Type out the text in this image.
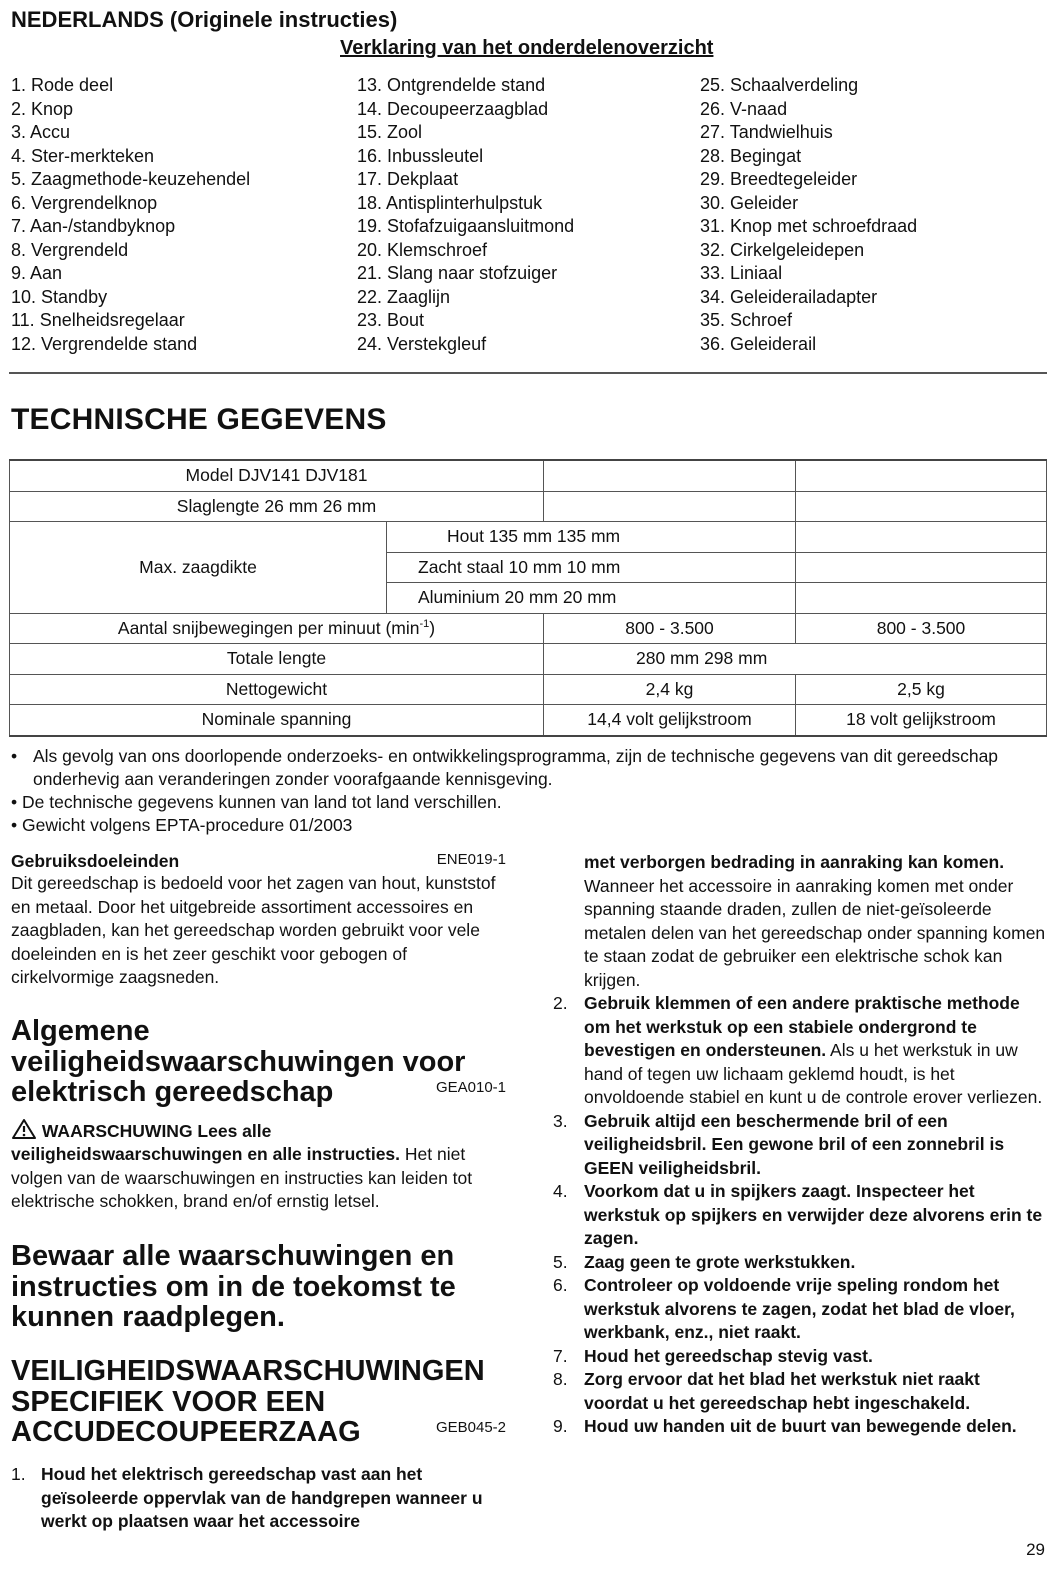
NEDERLANDS (Originele instructies)
Verklaring van het onderdelenoverzicht
1. Rode deel
2. Knop
3. Accu
4. Ster-merkteken
5. Zaagmethode-keuzehendel
6. Vergrendelknop
7. Aan-/standbyknop
8. Vergrendeld
9. Aan
10. Standby
11. Snelheidsregelaar
12. Vergrendelde stand
13. Ontgrendelde stand
14. Decoupeerzaagblad
15. Zool
16. Inbussleutel
17. Dekplaat
18. Antisplinterhulpstuk
19. Stofafzuigaansluitmond
20. Klemschroef
21. Slang naar stofzuiger
22. Zaaglijn
23. Bout
24. Verstekgleuf
25. Schaalverdeling
26. V-naad
27. Tandwielhuis
28. Begingat
29. Breedtegeleider
30. Geleider
31. Knop met schroefdraad
32. Cirkelgeleidepen
33. Liniaal
34. Geleiderailadapter
35. Schroef
36. Geleiderail
TECHNISCHE GEGEVENS
Model DJV141 DJV181			
Slaglengte 26 mm 26 mm			
Max. zaagdikte	Hout 135 mm 135 mm		
	Zacht staal 10 mm 10 mm		
	Aluminium 20 mm 20 mm		
Aantal snijbewegingen per minuut $(\min^{-1})$		800 - 3.500	800 - 3.500
Totale lengte		280 mm 298 mm	
Nettogewicht		2,4 kg	2,5 kg
Nominale spanning		14,4 volt gelijkstroom	18 volt gelijkstroom

• Als gevolg van ons doorlopende onderzoeks- en ontwikkelingsprogramma, zijn de technische gegevens van dit gereedschap onderhevig aan veranderingen zonder voorafgaande kennisgeving.

• De technische gegevens kunnen van land tot land verschillen.

• Gewicht volgens EPTA-procedure 01/2003

Gebruiksdoeleinden	ENE019-1
Dit gereedschap is bedoeld voor het zagen van hout, kunststof en metaal. Door het uitgebreide assortiment accessoires en zaagbladen, kan het gereedschap worden gebruikt voor vele doeleinden en is het zeer geschikt voor gebogen of cirkelvormige zaagsneden.
Algemene veiligheidswaarschuwingen voor elektrisch gereedschap	GEA010-1
WAARSCHUWING Lees alle veiligheidswaarschuwingen en alle instructies. Het niet volgen van de waarschuwingen en instructies kan leiden tot elektrische schokken, brand en/of ernstig letsel.
Bewaar alle waarschuwingen en instructies om in de toekomst te kunnen raadplegen.
VEILIGHEIDSWAARSCHUWINGEN SPECIFIEK VOOR EEN ACCUDECOUPEERZAAG	GEB045-2
1. Houd het elektrisch gereedschap vast aan het geïsoleerde oppervlak van de handgrepen wanneer u werkt op plaatsen waar het accessoire
met verborgen bedrading in aanraking kan komen.
Wanneer het accessoire in aanraking komen met onder spanning staande draden, zullen de niet-geïsoleerde metalen delen van het gereedschap onder spanning komen te staan zodat de gebruiker een elektrische schok kan krijgen.
2. Gebruik klemmen of een andere praktische methode om het werkstuk op een stabiele ondergrond te bevestigen en ondersteunen. Als u het werkstuk in uw hand of tegen uw lichaam geklemd houdt, is het onvoldoende stabiel en kunt u de controle erover verliezen.
3. Gebruik altijd een beschermende bril of een veiligheidsbril. Een gewone bril of een zonnebril is GEEN veiligheidsbril.
4. Voorkom dat u in spijkers zaagt. Inspecteer het werkstuk op spijkers en verwijder deze alvorens erin te zagen.
5. Zaag geen te grote werkstukken.
6. Controleer op voldoende vrije speling rondom het werkstuk alvorens te zagen, zodat het blad de vloer, werkbank, enz., niet raakt.
7. Houd het gereedschap stevig vast.
8. Zorg ervoor dat het blad het werkstuk niet raakt voordat u het gereedschap hebt ingeschakeld.
9. Houd uw handen uit de buurt van bewegende delen.
29
